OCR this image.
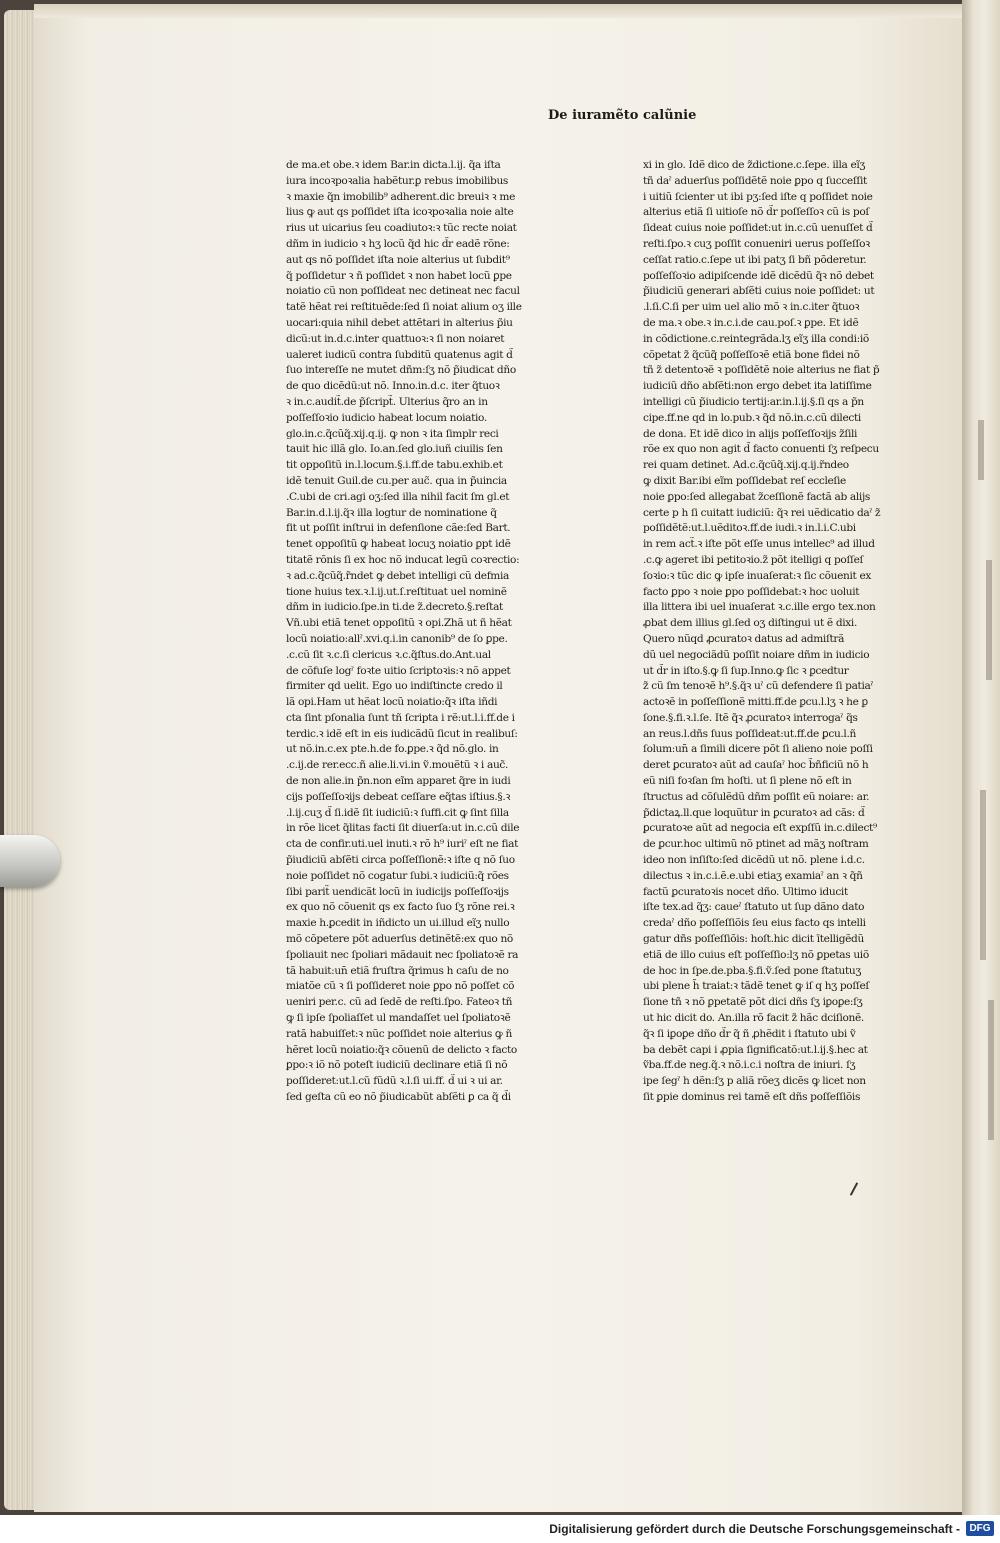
De iuramẽto calũnie
de ma.et obe.ꝛ idem Bar.in dicta.l.ij. q̃a iſta
iura incoꝛpoꝛalia habẽtur.ꝑ rebus imobilibus
ꝛ maxie q̃n imobilib⁹ adherent.dic breuiꝛ ꝛ me
lius ꝙ aut qs poſſidet iſta icoꝛpoꝛalia noie alte
rius ut uicarius ſeu coadiutoꝛ:ꝛ tũc recte noiat
dñm in iudicio ꝛ hʒ locũ q̃d hic d̃r eadẽ rõne:
aut qs nõ poſſidet iſta noie alterius ut ſubdit⁹
q̃ poſſidetur ꝛ ñ poſſidet ꝛ non habet locũ ꝑpe
noiatio cũ non poſſideat nec detineat nec facul
tatẽ hẽat rei reſtituẽde:ſed ſi noiat alium oʒ ille
uocari:quia nihil debet attẽtari in alterius p̃iu
dicũ:ut in.d.c.inter quattuoꝛ:ꝛ ſi non noiaret
ualeret iudicũ contra ſubditũ quatenus agit d̃
ſuo intereſſe ne mutet dñm:ſʒ nõ p̃iudicat dño
de quo dicẽdũ:ut nõ. Inno.in.d.c. iter q̃tuoꝛ
ꝛ in.c.audit̃.de p̃ſcript̃. Ulterius q̃ro an in
poſſeſſoꝛio iudicio habeat locum noiatio.
glo.in.c.q̃cũq̃.xij.q.ij. ꝙ non ꝛ ita ſimplr reci
tauit hic illã glo. Io.an.ſed glo.iuñ ciuilis ſen
tit oppoſitũ in.l.locum.§.i.ff.de tabu.exhib.et
idẽ tenuit Guil.de cu.per auc̃. qua in p̃uincia
.C.ubi de cri.agi oʒ:ſed illa nihil facit ſm gl.et
Bar.in.d.l.ij.q̃ꝛ illa logtur de nominatione q̃
fit ut poſſit inſtrui in defenſione cãe:ſed Bart.
tenet oppoſitũ ꝙ habeat locuʒ noiatio ꝑpt idẽ
titatẽ rõnis ſi ex hoc nõ inducat legũ coꝛrectio:
ꝛ ad.c.q̃cũq̃.r̃ndet ꝙ debet intelligi cũ defmia
tione huius tex.ꝛ.l.ij.ut.ſ.reſtituat uel nominẽ
dñm in iudicio.ſpe.in ti.de z̃.decreto.§.reſtat
Vñ.ubi etiã tenet oppoſitũ ꝛ opi.Zhã ut ñ hẽat
locũ noiatio:allˀ.xvi.q.i.in canonib⁹ de ſo ꝑpe.
.c.cũ ſit ꝛ.c.ſi clericus ꝛ.c.q̃ſtus.do.Ant.ual
de cõfuſe logˀ foꝛte uitio ſcriptoꝛis:ꝛ nõ appet
firmiter qd uelit. Ego uo indiſtincte credo il
lã opi.Ham ut hẽat locũ noiatio:q̃ꝛ iſta iñdi
cta ſint pſonalia ſunt tñ ſcripta i rẽ:ut.l.i.ff.de i
terdic.ꝛ idẽ eſt in eis iudicãdũ ſicut in realibuſ:
ut nõ.in.c.ex pte.h.de fo.ꝑpe.ꝛ q̃d nõ.glo. in
.c.ij.de rer.ecc.ñ alie.li.vi.in ṽ.mouẽtũ ꝛ i auc̃.
de non alie.in p̃n.non eĩm apparet q̃re in iudi
cijs poſſeſſoꝛijs debeat ceſſare eq̃tas iſtius.§.ꝛ
.l.ij.cuʒ d̃ ſi.idẽ ſit iudiciũ:ꝛ ſuffi.cit ꝙ ſint ſilla
in rõe licet q̃litas facti ſit diuerſa:ut in.c.cũ dile
cta de confir.uti.uel inuti.ꝛ rõ h⁹ iuriˀ eſt ne fiat
p̃iudiciũ abſẽti circa poſſeſſionẽ:ꝛ iſte q nõ ſuo
noie poſſidet nõ cogatur ſubi.ꝛ iudiciũ:q̃ rões
ſibi parit̃ uendicãt locũ in iudicijs poſſeſſoꝛijs
ex quo nõ cõuenit qs ex facto ſuo ſʒ rõne rei.ꝛ
maxie h.ꝑcedit in iñdicto un ui.illud eĩʒ nullo
mõ cõpetere põt aduerſus detinẽtẽ:ex quo nõ
ſpoliauit nec ſpoliari mãdauit nec ſpoliatoꝛẽ ra
tã habuit:un̄ etiã fruſtra q̃rimus h caſu de no
miatõe cũ ꝛ ſi poſſideret noie ꝑpo nõ poſſet cõ
ueniri per.c. cũ ad ſedẽ de reſti.ſpo. Fateoꝛ tñ
ꝙ ſi ipſe ſpoliaſſet ul mandaſſet uel ſpoliatoꝛẽ
ratã habuiſſet:ꝛ nũc poſſidet noie alterius ꝙ ñ
hẽret locũ noiatio:q̃ꝛ cõuenũ de delicto ꝛ facto
ꝑpo:ꝛ iõ nõ poteſt iudiciũ declinare etiã ſi nõ
poſſideret:ut.l.cũ fũdũ ꝛ.l.ſi ui.ff. d̃ ui ꝛ ui ar.
ſed geſta cũ eo nõ p̃iudicabũt abſẽti ꝑ ca q̃ d̃i
xi in glo. Idẽ dico de z̃dictione.c.ſepe. illa eĩʒ
tñ daˀ aduerſus poſſidẽtẽ noie ꝑpo q ſucceſſit
i uitiũ ſcienter ut ibi pʒ:ſed iſte q poſſidet noie
alterius etiã ſi uitioſe nõ d̃r poſſeſſoꝛ cũ is poſ
ſideat cuius noie poſſidet:ut in.c.cũ uenuſſet d̃
reſti.ſpo.ꝛ cuʒ poſſit conueniri uerus poſſeſſoꝛ
ceſſat ratio.c.ſepe ut ibi patʒ ſi bñ põderetur.
poſſeſſoꝛio adipiſcende idẽ dicẽdũ q̃ꝛ nõ debet
p̃iudiciũ generari abſẽti cuius noie poſſidet: ut
.l.ſi.C.ſi per uim uel alio mõ ꝛ in.c.iter q̃tuoꝛ
de ma.ꝛ obe.ꝛ in.c.i.de cau.poſ.ꝛ ꝑpe. Et idẽ
in cõdictione.c.reintegrãda.lʒ eĩʒ illa condi:iõ
cõpetat z̃ q̃cũq̃ poſſeſſoꝛẽ etiã bone fidei nõ
tñ z̃ detentoꝛẽ ꝛ poſſidẽtẽ noie alterius ne fiat p̃
iudiciũ dño abſẽti:non ergo debet ita latiſſime
intelligi cũ p̃iudicio tertij:ar.in.l.ij.§.ſi qs a p̃n
cipe.ff.ne qd in lo.pub.ꝛ q̃d nõ.in.c.cũ dilecti
de dona. Et idẽ dico in alijs poſſeſſoꝛijs z̃ſili
rõe ex quo non agit d̃ facto conuenti ſʒ reſpecu
rei quam detinet. Ad.c.q̃cũq̃.xij.q.ij.r̃ndeo
ꝙ dixit Bar.ibi eĩm poſſidebat reſ eccleſie
noie ꝑpo:ſed allegabat z̃ceſſionẽ factã ab alijs
certe p h ſi cuitatt iudiciũ: q̃ꝛ rei uẽdicatio daˀ z̃
poſſidẽtẽ:ut.l.uẽditoꝛ.ff.de iudi.ꝛ in.l.i.C.ubi
in rem act̃.ꝛ iſte põt eſſe unus intellec⁹ ad illud
.c.ꝙ ageret ibi petitoꝛio.z̃ põt itelligi q poſſeſ
ſoꝛio:ꝛ tũc dic ꝙ ipſe inuaſerat:ꝛ ſic cõuenit ex
facto ꝑpo ꝛ noie ꝑpo poſſidebat:ꝛ hoc uoluit
illa littera ibi uel inuaſerat ꝛ.c.ille ergo tex.non
ꝓbat dem illius gl.ſed oʒ diſtingui ut ẽ dixi.
Quero nũqd ꝓcuratoꝛ datus ad admiſtrã
dũ uel negociãdũ poſſit noiare dñm in iudicio
ut d̃r in iſto.§.ꝙ ſi ſup.Inno.ꝙ ſic ꝛ ꝑcedtur
z̃ cũ ſm tenoꝛẽ h⁹.§.q̃ꝛ uˀ cũ defendere ſi patiaˀ
actoꝛẽ in poſſeſſionẽ mitti.ff.de ꝑcu.l.lʒ ꝛ he ꝑ
ſone.§.fi.ꝛ.l.ſe. Itẽ q̃ꝛ ꝓcuratoꝛ interrogaˀ q̃s
an reus.l.dñs ſuus poſſideat:ut.ff.de ꝑcu.l.ñ
ſolum:un̄ a ſimili dicere põt ſi alieno noie poſſi
deret ꝑcuratoꝛ aũt ad cauſaˀ hoc b̃ñficiũ nõ h
eũ niſi foꝛſan ſm hoſti. ut ſi plene nõ eſt in
ſtructus ad cõſulẽdũ dñm poſſit eũ noiare: ar.
p̃dictaꝝ.ll.que loquũtur in ꝑcuratoꝛ ad cãs: d̃
ꝑcuratoꝛe aũt ad negocia eſt expſſũ in.c.dilect⁹
de ꝑcur.hoc ultimũ nõ ptinet ad mãʒ noſtram
ideo non inſiſto:ſed dicẽdũ ut nõ. plene i.d.c.
dilectus ꝛ in.c.i.ẽ.e.ubi etiaʒ examiaˀ an ꝛ q̃ñ
factũ ꝑcuratoꝛis nocet dño. Ultimo iducit
iſte tex.ad q̃ʒ: caueˀ ſtatuto ut ſup dãno dato
credaˀ dño poſſeſſiõis ſeu eius facto qs intelli
gatur dñs poſſeſſiõis: hoſt.hic dicit ītelligẽdũ
etiã de illo cuius eſt poſſeſſio:lʒ nõ ꝑpetas uiõ
de hoc in ſpe.de.pba.§.fi.ṽ.ſed pone ſtatutuʒ
ubi plene h̃ traiat:ꝛ tãdẽ tenet ꝙ iſ q hʒ poſſeſ
ſione tñ ꝛ nõ ꝑpetatẽ põt dici dñs ſʒ iꝑoꝑe:ſʒ
ut hic dicit do. An.illa rõ facit z̃ hãc dciſionẽ.
q̃ꝛ ſi iꝑoꝑe dño d̃r q̃ ñ ꝓhẽdit i ſtatuto ubi ṽ
ba debẽt capi i ꝓpia ſignificatõ:ut.l.ij.§.hec at
ṽba.ff.de neg.q̃.ꝛ nõ.i.c.i noſtra de iniuri. ſʒ
ipe ſegˀ h dẽn:ſʒ p aliã rõeʒ dicẽs ꝙ licet non
ſit ꝑpie dominus rei tamẽ eſt dñs poſſeſſiõis
Digitalisierung gefördert durch die Deutsche Forschungsgemeinschaft - DFG
